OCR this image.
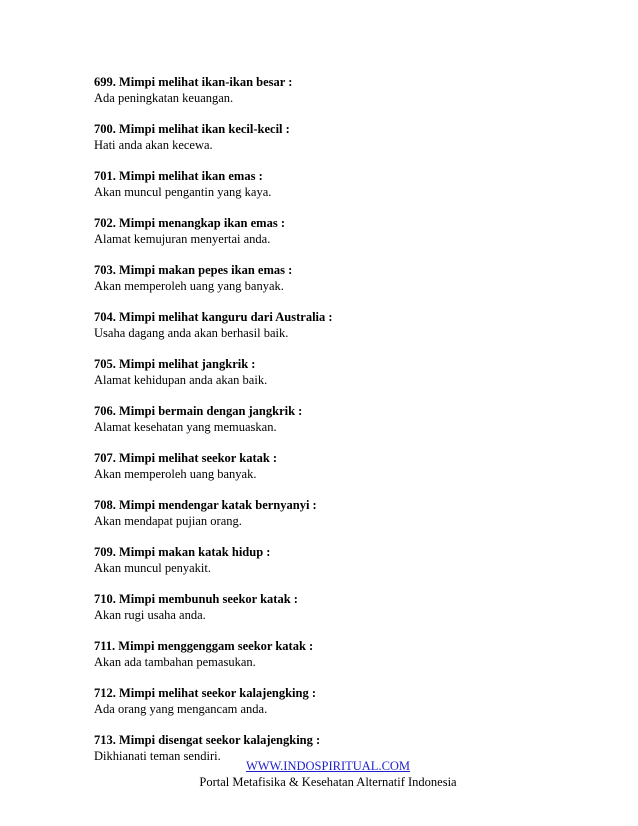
699. Mimpi melihat ikan-ikan besar :
Ada peningkatan keuangan.
700. Mimpi melihat ikan kecil-kecil :
Hati anda akan kecewa.
701. Mimpi melihat ikan emas :
Akan muncul pengantin yang kaya.
702. Mimpi menangkap ikan emas :
Alamat kemujuran menyertai anda.
703. Mimpi makan pepes ikan emas :
Akan memperoleh uang yang banyak.
704. Mimpi melihat kanguru dari Australia :
Usaha dagang anda akan berhasil baik.
705. Mimpi melihat jangkrik :
Alamat kehidupan anda akan baik.
706. Mimpi bermain dengan jangkrik :
Alamat kesehatan yang memuaskan.
707. Mimpi melihat seekor katak :
Akan memperoleh uang banyak.
708. Mimpi mendengar katak bernyanyi :
Akan mendapat pujian orang.
709. Mimpi makan katak hidup :
Akan muncul penyakit.
710. Mimpi membunuh seekor katak :
Akan rugi usaha anda.
711. Mimpi menggenggam seekor katak :
Akan ada tambahan pemasukan.
712. Mimpi melihat seekor kalajengking :
Ada orang yang mengancam anda.
713. Mimpi disengat seekor kalajengking :
Dikhianati teman sendiri.
WWW.INDOSPIRITUAL.COM
Portal Metafisika & Kesehatan Alternatif Indonesia
